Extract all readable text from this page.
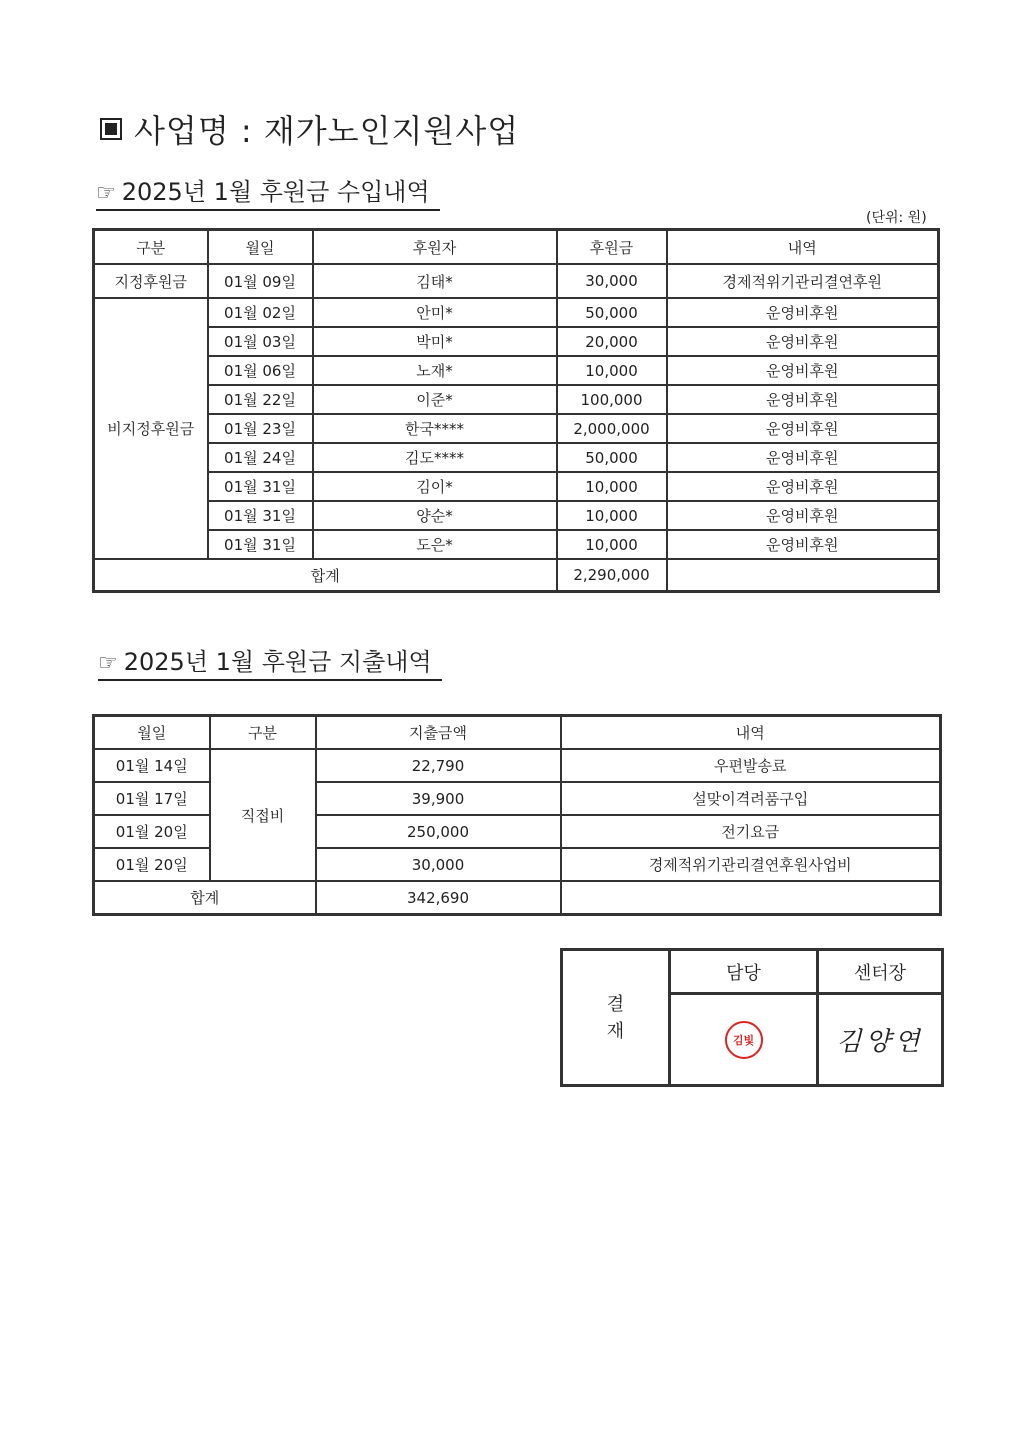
사업명 : 재가노인지원사업
☞ 2025년 1월 후원금 수입내역
(단위: 원)
구분	월일	후원자	후원금	내역
지정후원금	01월 09일	김태*	30,000	경제적위기관리결연후원
비지정후원금	01월 02일	안미*	50,000	운영비후원
	01월 03일	박미*	20,000	운영비후원
	01월 06일	노재*	10,000	운영비후원
	01월 22일	이준*	100,000	운영비후원
	01월 23일	한국****	2,000,000	운영비후원
	01월 24일	김도****	50,000	운영비후원
	01월 31일	김이*	10,000	운영비후원
	01월 31일	양순*	10,000	운영비후원
	01월 31일	도은*	10,000	운영비후원
합계			2,290,000	
☞ 2025년 1월 후원금 지출내역
월일	구분	지출금액	내역
01월 14일	직접비	22,790	우편발송료
01월 17일		39,900	설맞이격려품구입
01월 20일		250,000	전기요금
01월 20일		30,000	경제적위기관리결연후원사업비
합계		342,690	
결
재	담당	센터장
	김빛	김양연
